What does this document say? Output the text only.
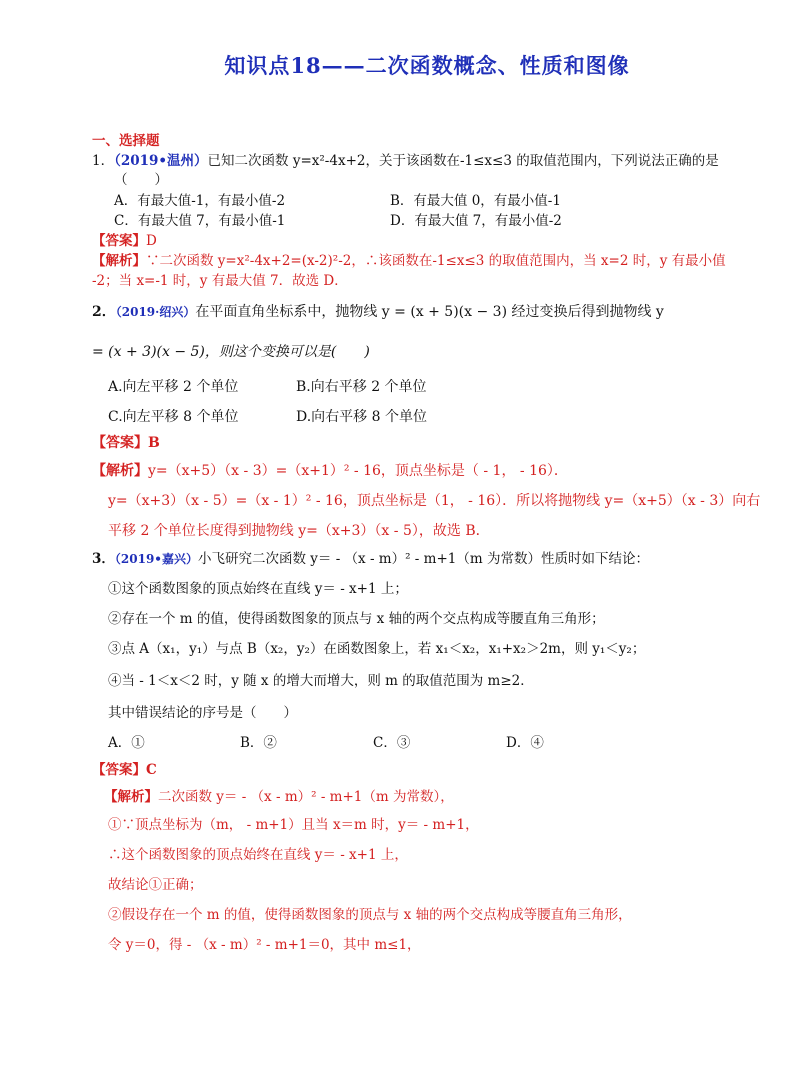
知识点18——二次函数概念、性质和图像
一、选择题
1．（2019•温州）已知二次函数 y=x²-4x+2，关于该函数在-1≤x≤3 的取值范围内，下列说法正确的是
（　　）
A．有最大值-1，有最小值-2	B．有最大值 0，有最小值-1
C．有最大值 7，有最小值-1	D．有最大值 7，有最小值-2
【答案】D
【解析】∵二次函数 y=x²-4x+2=(x-2)²-2，∴该函数在-1≤x≤3 的取值范围内，当 x=2 时，y 有最小值
-2；当 x=-1 时，y 有最大值 7．故选 D．
2．（2019·绍兴）在平面直角坐标系中，抛物线 y = (x + 5)(x − 3) 经过变换后得到抛物线 y
= (x + 3)(x − 5)，则这个变换可以是(　　)
A.向左平移 2 个单位	B.向右平移 2 个单位
C.向左平移 8 个单位	D.向右平移 8 个单位
【答案】B
【解析】y=（x+5）（x - 3）=（x+1）² - 16，顶点坐标是（ - 1， - 16）．
y=（x+3）（x - 5）=（x - 1）² - 16，顶点坐标是（1， - 16）．所以将抛物线 y=（x+5）（x - 3）向右
平移 2 个单位长度得到抛物线 y=（x+3）（x - 5），故选 B．
3．（2019•嘉兴）小飞研究二次函数 y＝ - （x - m）² - m+1（m 为常数）性质时如下结论：
①这个函数图象的顶点始终在直线 y＝ - x+1 上；
②存在一个 m 的值，使得函数图象的顶点与 x 轴的两个交点构成等腰直角三角形；
③点 A（x₁，y₁）与点 B（x₂，y₂）在函数图象上，若 x₁＜x₂，x₁+x₂＞2m，则 y₁＜y₂；
④当 - 1＜x＜2 时，y 随 x 的增大而增大，则 m 的取值范围为 m≥2．
其中错误结论的序号是（　　）
A．①	B．②	C．③	D．④
【答案】C
【解析】二次函数 y＝ - （x - m）² - m+1（m 为常数），
①∵顶点坐标为（m， - m+1）且当 x＝m 时，y＝ - m+1，
∴这个函数图象的顶点始终在直线 y＝ - x+1 上，
故结论①正确；
②假设存在一个 m 的值，使得函数图象的顶点与 x 轴的两个交点构成等腰直角三角形，
令 y＝0，得 - （x - m）² - m+1＝0，其中 m≤1，
